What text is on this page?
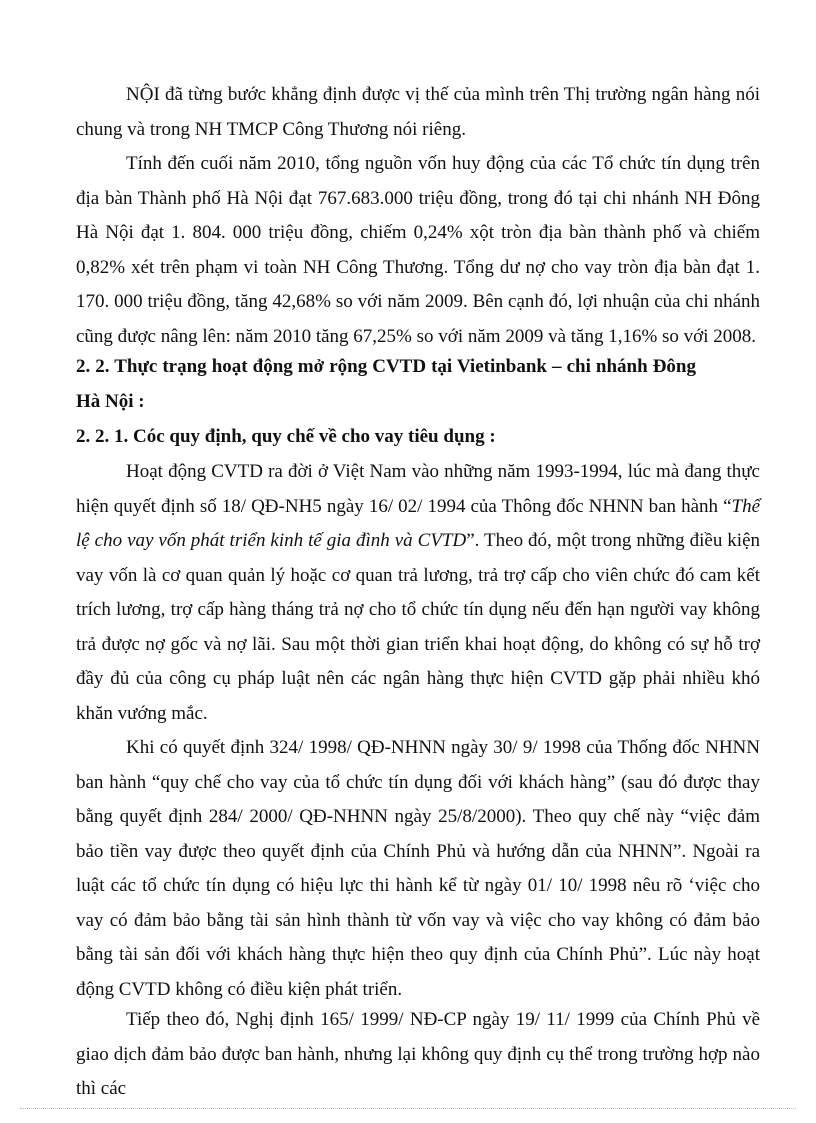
NỘI đã từng bước khẳng định được vị thế của mình trên Thị trường ngân hàng nói chung và trong NH TMCP Công Thương nói riêng.

Tính đến cuối năm 2010, tổng nguồn vốn huy động của các Tổ chức tín dụng trên địa bàn Thành phố Hà Nội đạt 767.683.000 triệu đồng, trong đó tại chi nhánh NH Đông Hà Nội đạt 1. 804. 000 triệu đồng, chiếm 0,24% xột tròn địa bàn thành phố và chiếm 0,82% xét trên phạm vi toàn NH Công Thương. Tổng dư nợ cho vay tròn địa bàn đạt 1. 170. 000 triệu đồng, tăng 42,68% so với năm 2009. Bên cạnh đó, lợi nhuận của chi nhánh cũng được nâng lên: năm 2010 tăng 67,25% so với năm 2009 và tăng 1,16% so với 2008.

2. 2. Thực trạng hoạt động mở rộng CVTD tại Vietinbank – chi nhánh Đông Hà Nội :

2. 2. 1. Cóc quy định, quy chế về cho vay tiêu dụng :

Hoạt động CVTD ra đời ở Việt Nam vào những năm 1993-1994, lúc mà đang thực hiện quyết định số 18/ QĐ-NH5 ngày 16/ 02/ 1994 của Thông đốc NHNN ban hành “Thể lệ cho vay vốn phát triển kinh tế gia đình và CVTD”. Theo đó, một trong những điều kiện vay vốn là cơ quan quản lý hoặc cơ quan trả lương, trả trợ cấp cho viên chức đó cam kết trích lương, trợ cấp hàng tháng trả nợ cho tổ chức tín dụng nếu đến hạn người vay không trả được nợ gốc và nợ lãi. Sau một thời gian triển khai hoạt động, do không có sự hỗ trợ đầy đủ của công cụ pháp luật nên các ngân hàng thực hiện CVTD gặp phải nhiều khó khăn vướng mắc.

Khi có quyết định 324/ 1998/ QĐ-NHNN ngày 30/ 9/ 1998 của Thống đốc NHNN ban hành “quy chế cho vay của tổ chức tín dụng đối với khách hàng” (sau đó được thay bằng quyết định 284/ 2000/ QĐ-NHNN ngày 25/8/2000). Theo quy chế này “việc đảm bảo tiền vay được theo quyết định của Chính Phủ và hướng dẫn của NHNN”. Ngoài ra luật các tổ chức tín dụng có hiệu lực thi hành kể từ ngày 01/ 10/ 1998 nêu rõ ‘việc cho vay có đảm bảo bằng tài sản hình thành từ vốn vay và việc cho vay không có đảm bảo bằng tài sản đối với khách hàng thực hiện theo quy định của Chính Phủ”. Lúc này hoạt động CVTD không có điều kiện phát triển.

Tiếp theo đó, Nghị định 165/ 1999/ NĐ-CP ngày 19/ 11/ 1999 của Chính Phủ về giao dịch đảm bảo được ban hành, nhưng lại không quy định cụ thể trong trường hợp nào thì các
